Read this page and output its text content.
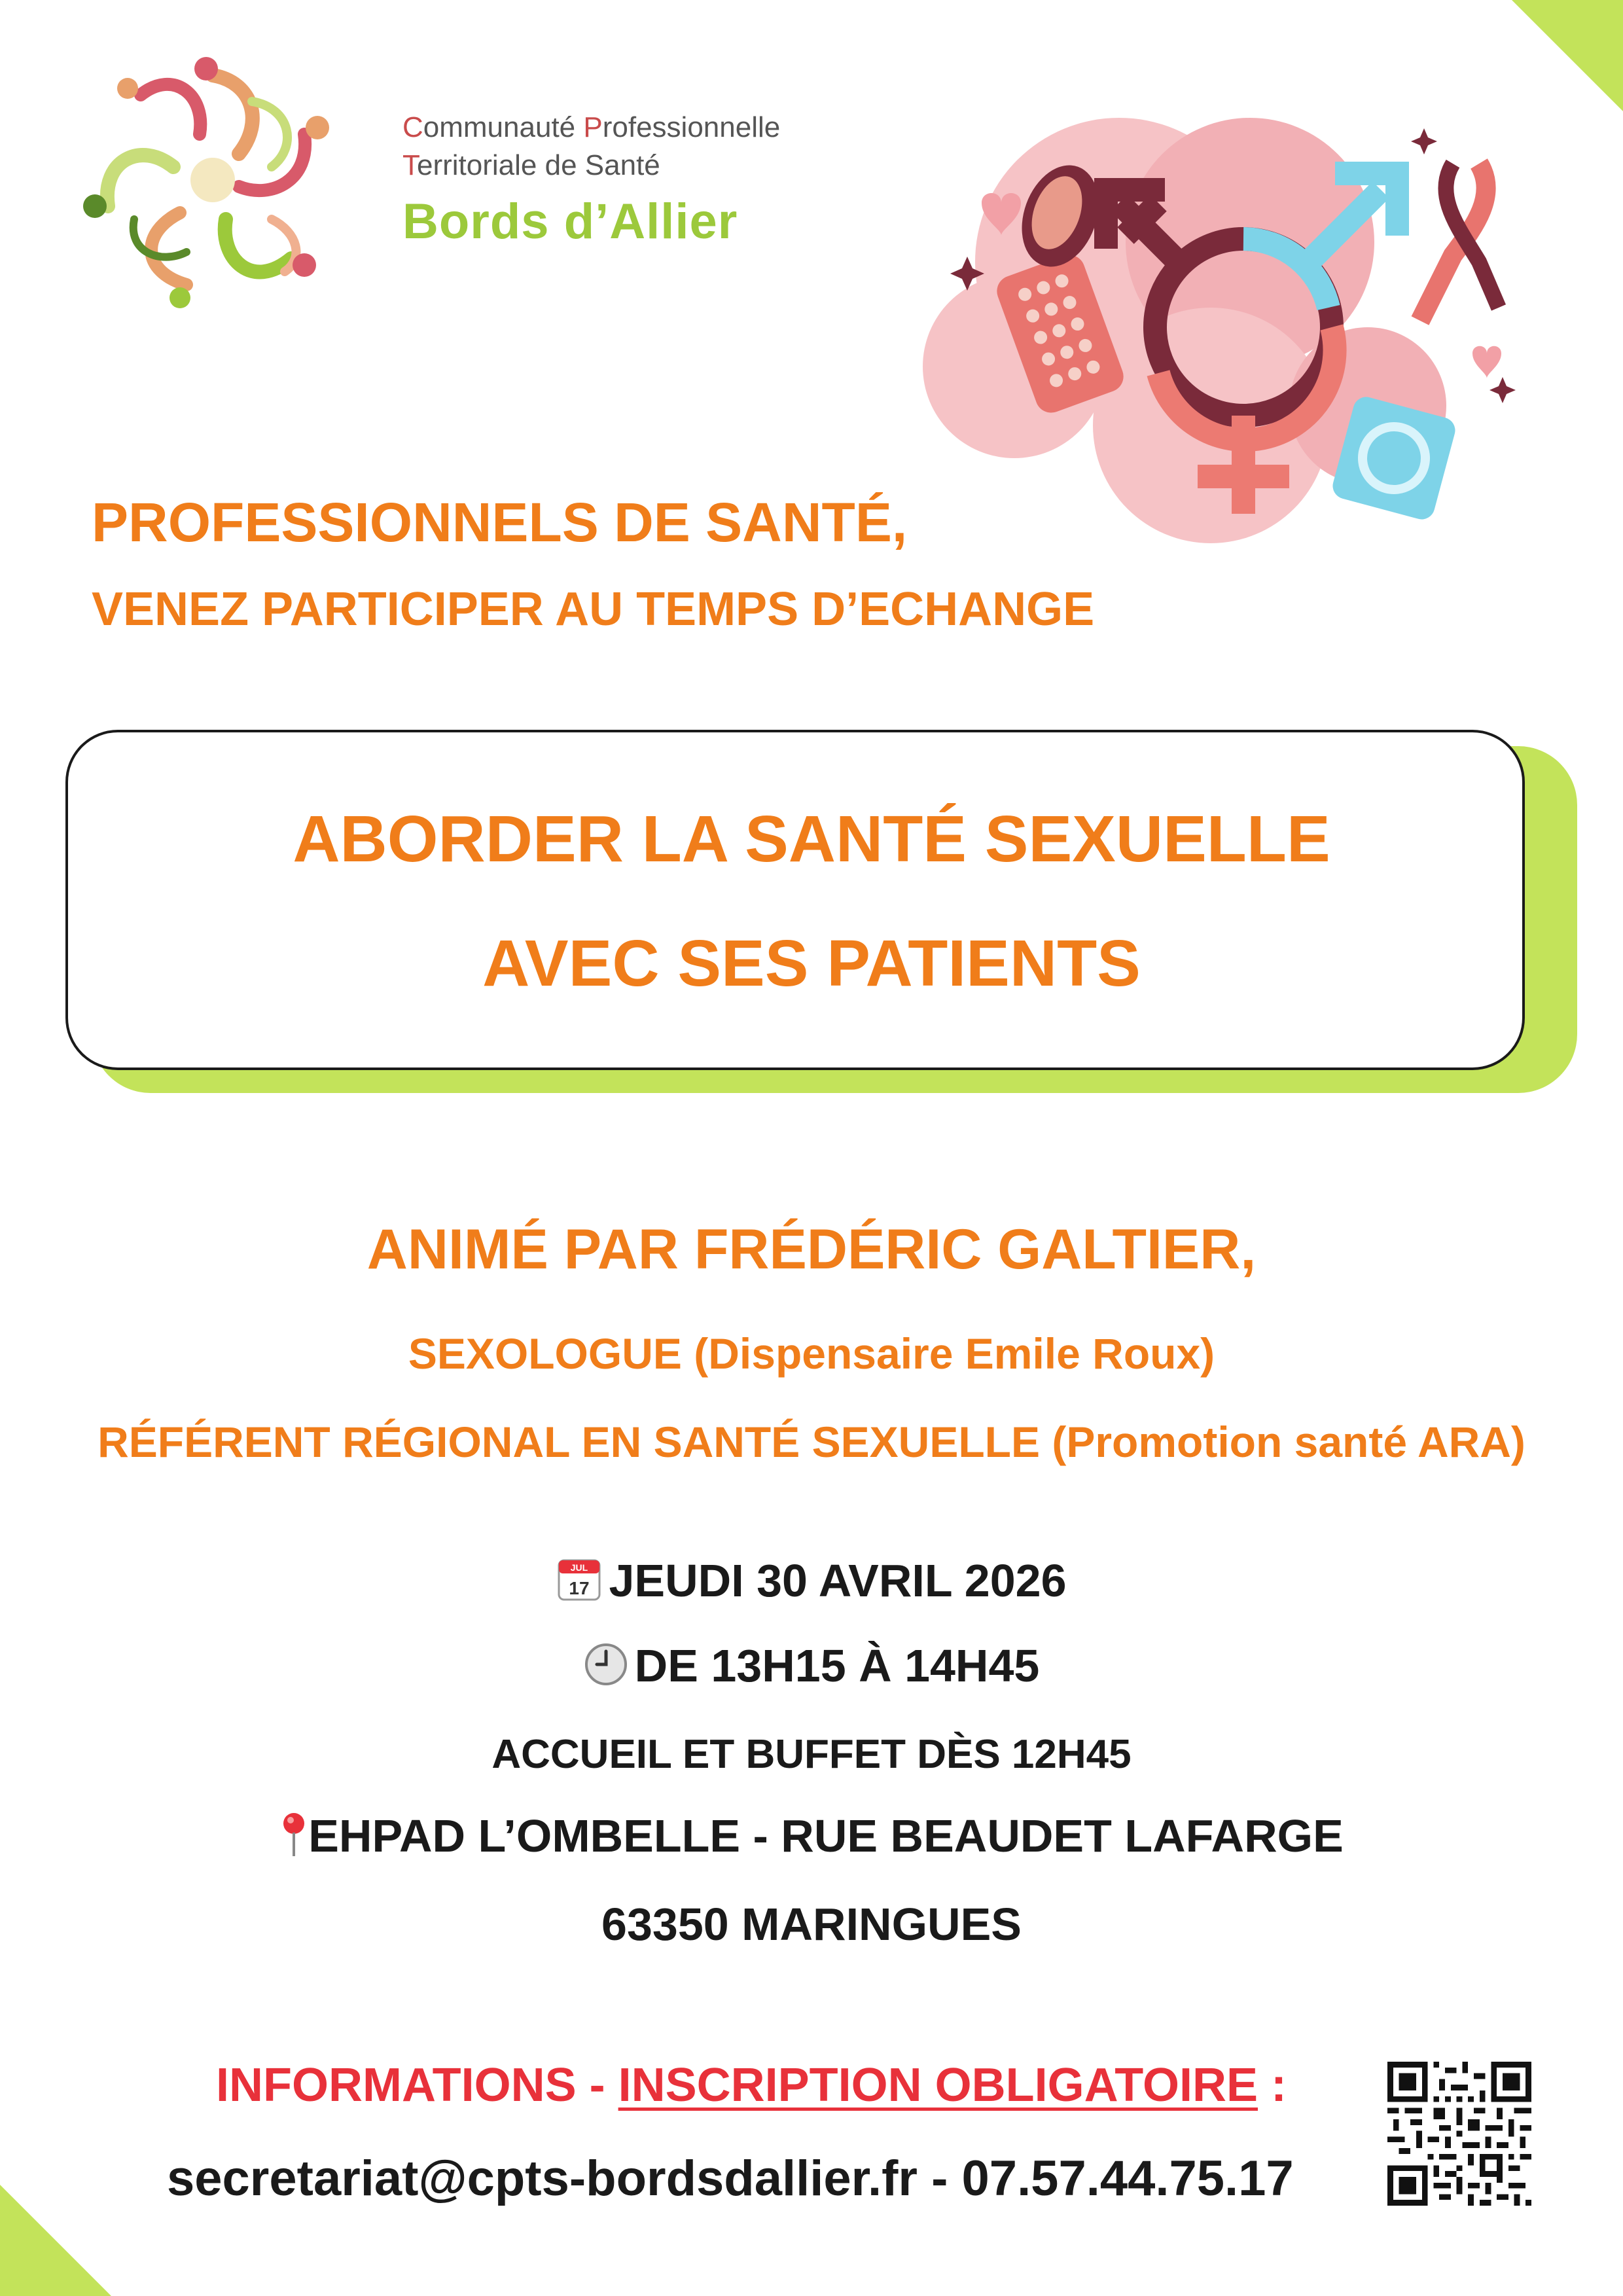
Communauté Professionnelle
Territoriale de Santé
Bords d’Allier
PROFESSIONNELS DE SANTÉ,
VENEZ PARTICIPER AU TEMPS D’ECHANGE
ABORDER LA SANTÉ SEXUELLE
AVEC SES PATIENTS
ANIMÉ PAR FRÉDÉRIC GALTIER,
SEXOLOGUE (Dispensaire Emile Roux)
RÉFÉRENT RÉGIONAL EN SANTÉ SEXUELLE (Promotion santé ARA)
JUL
17 JEUDI 30 AVRIL 2026
DE 13H15 À 14H45
ACCUEIL ET BUFFET DÈS 12H45
EHPAD L’OMBELLE - RUE BEAUDET LAFARGE
63350 MARINGUES
INFORMATIONS - INSCRIPTION OBLIGATOIRE :
secretariat@cpts-bordsdallier.fr - 07.57.44.75.17
